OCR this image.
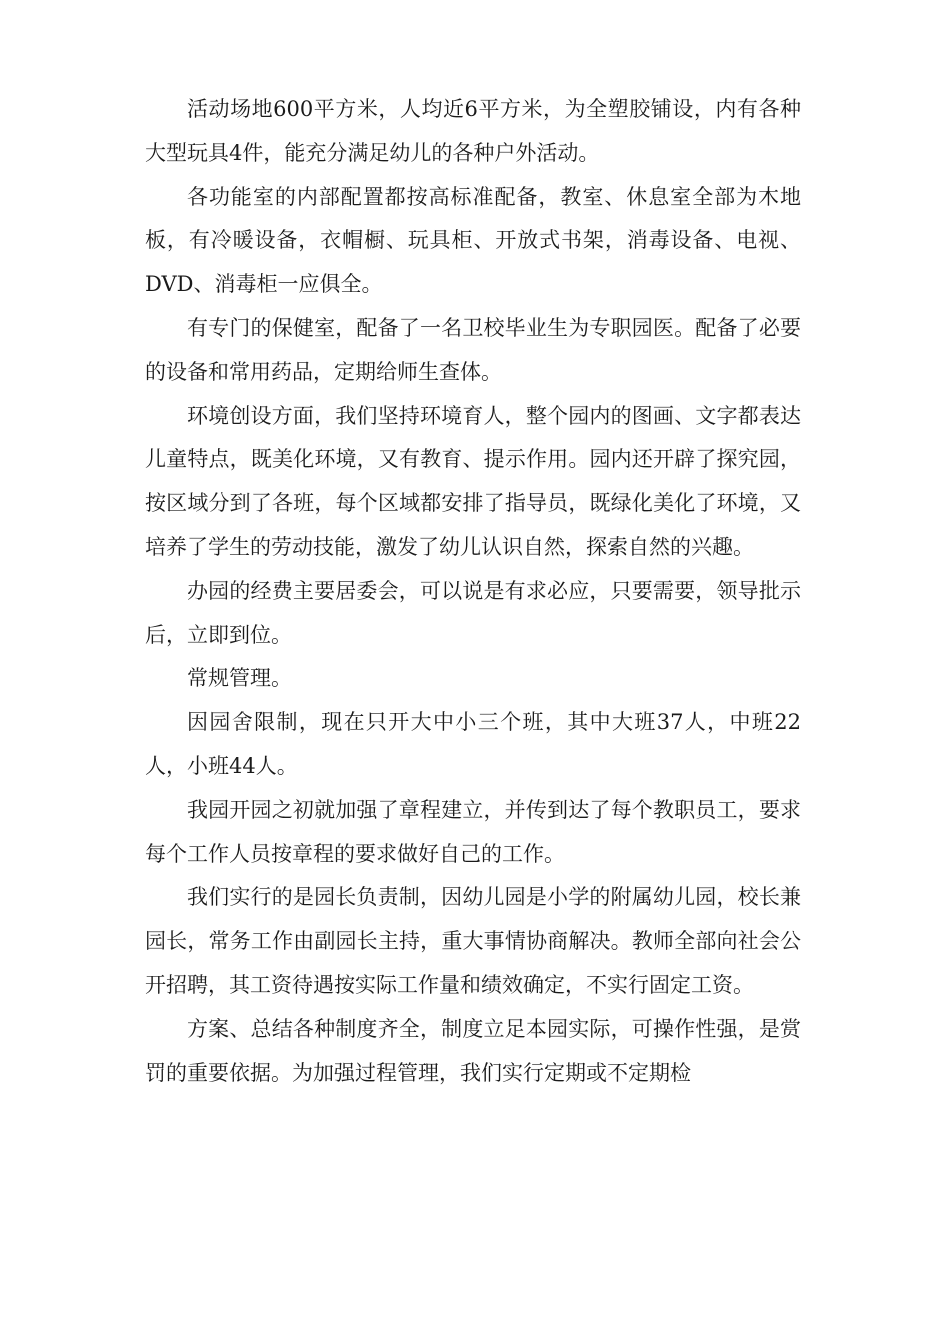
活动场地600平方米，人均近6平方米，为全塑胶铺设，内有各种大型玩具4件，能充分满足幼儿的各种户外活动。

各功能室的内部配置都按高标准配备，教室、休息室全部为木地板，有冷暖设备，衣帽橱、玩具柜、开放式书架，消毒设备、电视、DVD、消毒柜一应俱全。

有专门的保健室，配备了一名卫校毕业生为专职园医。配备了必要的设备和常用药品，定期给师生查体。

环境创设方面，我们坚持环境育人，整个园内的图画、文字都表达儿童特点，既美化环境，又有教育、提示作用。园内还开辟了探究园，按区域分到了各班，每个区域都安排了指导员，既绿化美化了环境，又培养了学生的劳动技能，激发了幼儿认识自然，探索自然的兴趣。

办园的经费主要居委会，可以说是有求必应，只要需要，领导批示后，立即到位。

常规管理。

因园舍限制，现在只开大中小三个班，其中大班37人，中班22人，小班44人。

我园开园之初就加强了章程建立，并传到达了每个教职员工，要求每个工作人员按章程的要求做好自己的工作。

我们实行的是园长负责制，因幼儿园是小学的附属幼儿园，校长兼园长，常务工作由副园长主持，重大事情协商解决。教师全部向社会公开招聘，其工资待遇按实际工作量和绩效确定，不实行固定工资。

方案、总结各种制度齐全，制度立足本园实际，可操作性强，是赏罚的重要依据。为加强过程管理，我们实行定期或不定期检
